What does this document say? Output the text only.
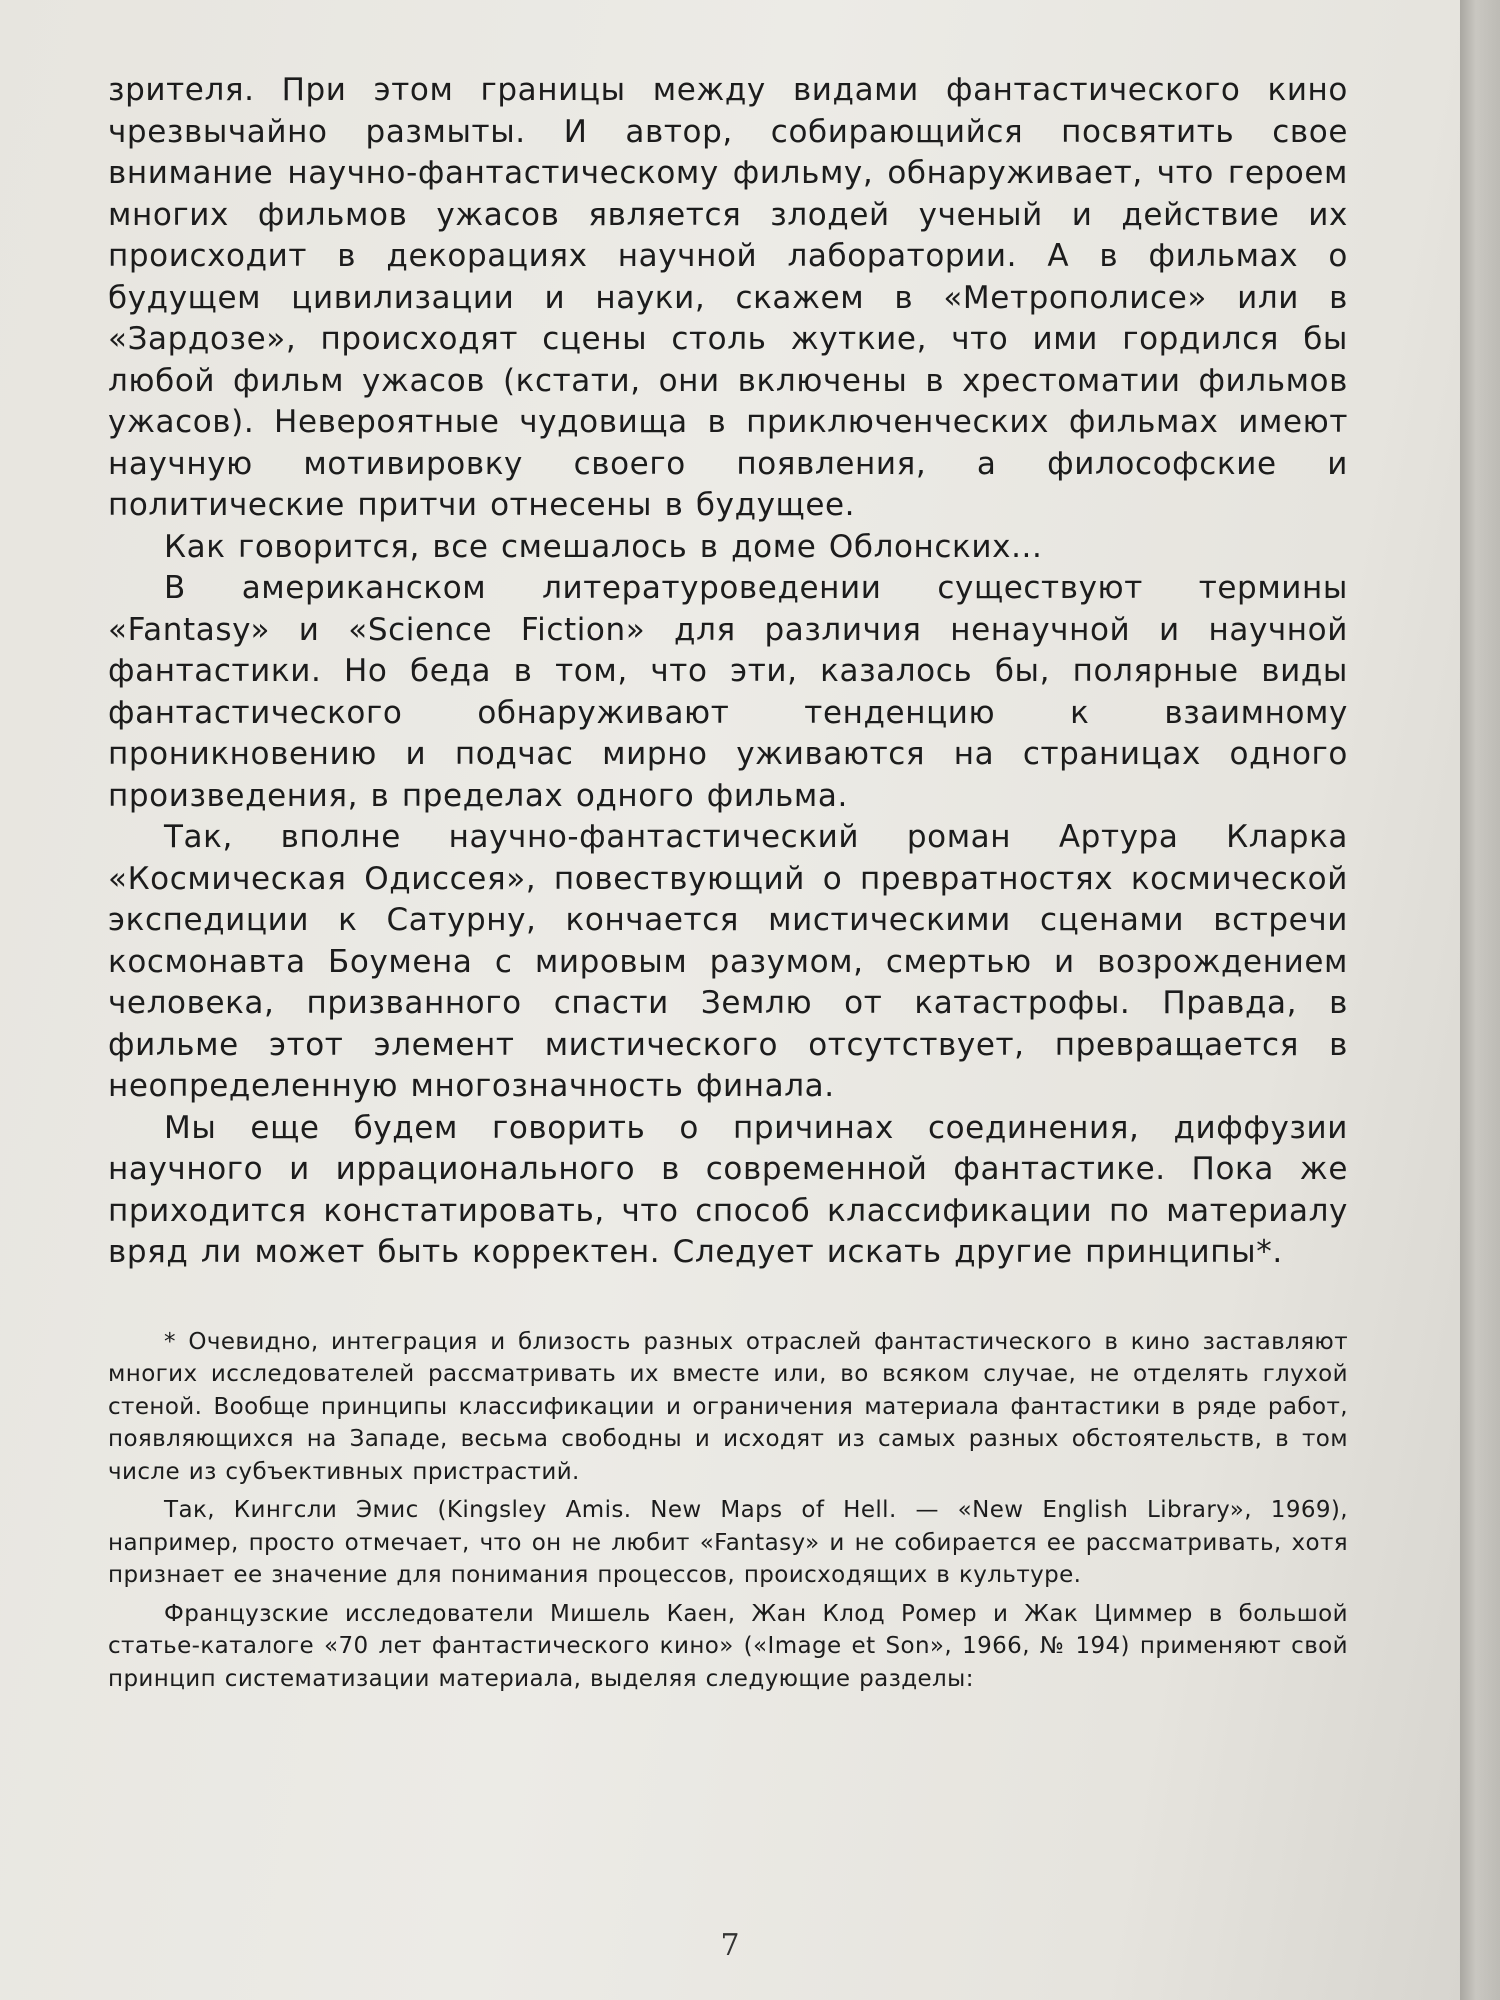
зрителя. При этом границы между видами фантастического кино чрезвычайно размыты. И автор, собирающийся посвятить свое внимание научно-фантастическому фильму, обнаруживает, что героем многих фильмов ужасов является злодей ученый и действие их происходит в декорациях научной лаборатории. А в фильмах о будущем цивилизации и науки, скажем в «Метрополисе» или в «Зардозе», происходят сцены столь жуткие, что ими гордился бы любой фильм ужасов (кстати, они включены в хрестоматии фильмов ужасов). Невероятные чудовища в приключенческих фильмах имеют научную мотивировку своего появления, а философские и политические притчи отнесены в будущее.

Как говорится, все смешалось в доме Облонских...

В американском литературоведении существуют термины «Fantasy» и «Science Fiction» для различия ненаучной и научной фантастики. Но беда в том, что эти, казалось бы, полярные виды фантастического обнаруживают тенденцию к взаимному проникновению и подчас мирно уживаются на страницах одного произведения, в пределах одного фильма.

Так, вполне научно-фантастический роман Артура Кларка «Космическая Одиссея», повествующий о превратностях космической экспедиции к Сатурну, кончается мистическими сценами встречи космонавта Боумена с мировым разумом, смертью и возрождением человека, призванного спасти Землю от катастрофы. Правда, в фильме этот элемент мистического отсутствует, превращается в неопределенную многозначность финала.

Мы еще будем говорить о причинах соединения, диффузии научного и иррационального в современной фантастике. Пока же приходится констатировать, что способ классификации по материалу вряд ли может быть корректен. Следует искать другие принципы*.

* Очевидно, интеграция и близость разных отраслей фантастического в кино заставляют многих исследователей рассматривать их вместе или, во всяком случае, не отделять глухой стеной. Вообще принципы классификации и ограничения материала фантастики в ряде работ, появляющихся на Западе, весьма свободны и исходят из самых разных обстоятельств, в том числе из субъективных пристрастий.

Так, Кингсли Эмис (Kingsley Amis. New Maps of Hell. — «New English Library», 1969), например, просто отмечает, что он не любит «Fantasy» и не собирается ее рассматривать, хотя признает ее значение для понимания процессов, происходящих в культуре.

Французские исследователи Мишель Каен, Жан Клод Ромер и Жак Циммер в большой статье-каталоге «70 лет фантастического кино» («Image et Son», 1966, № 194) применяют свой принцип систематизации материала, выделяя следующие разделы:

7
